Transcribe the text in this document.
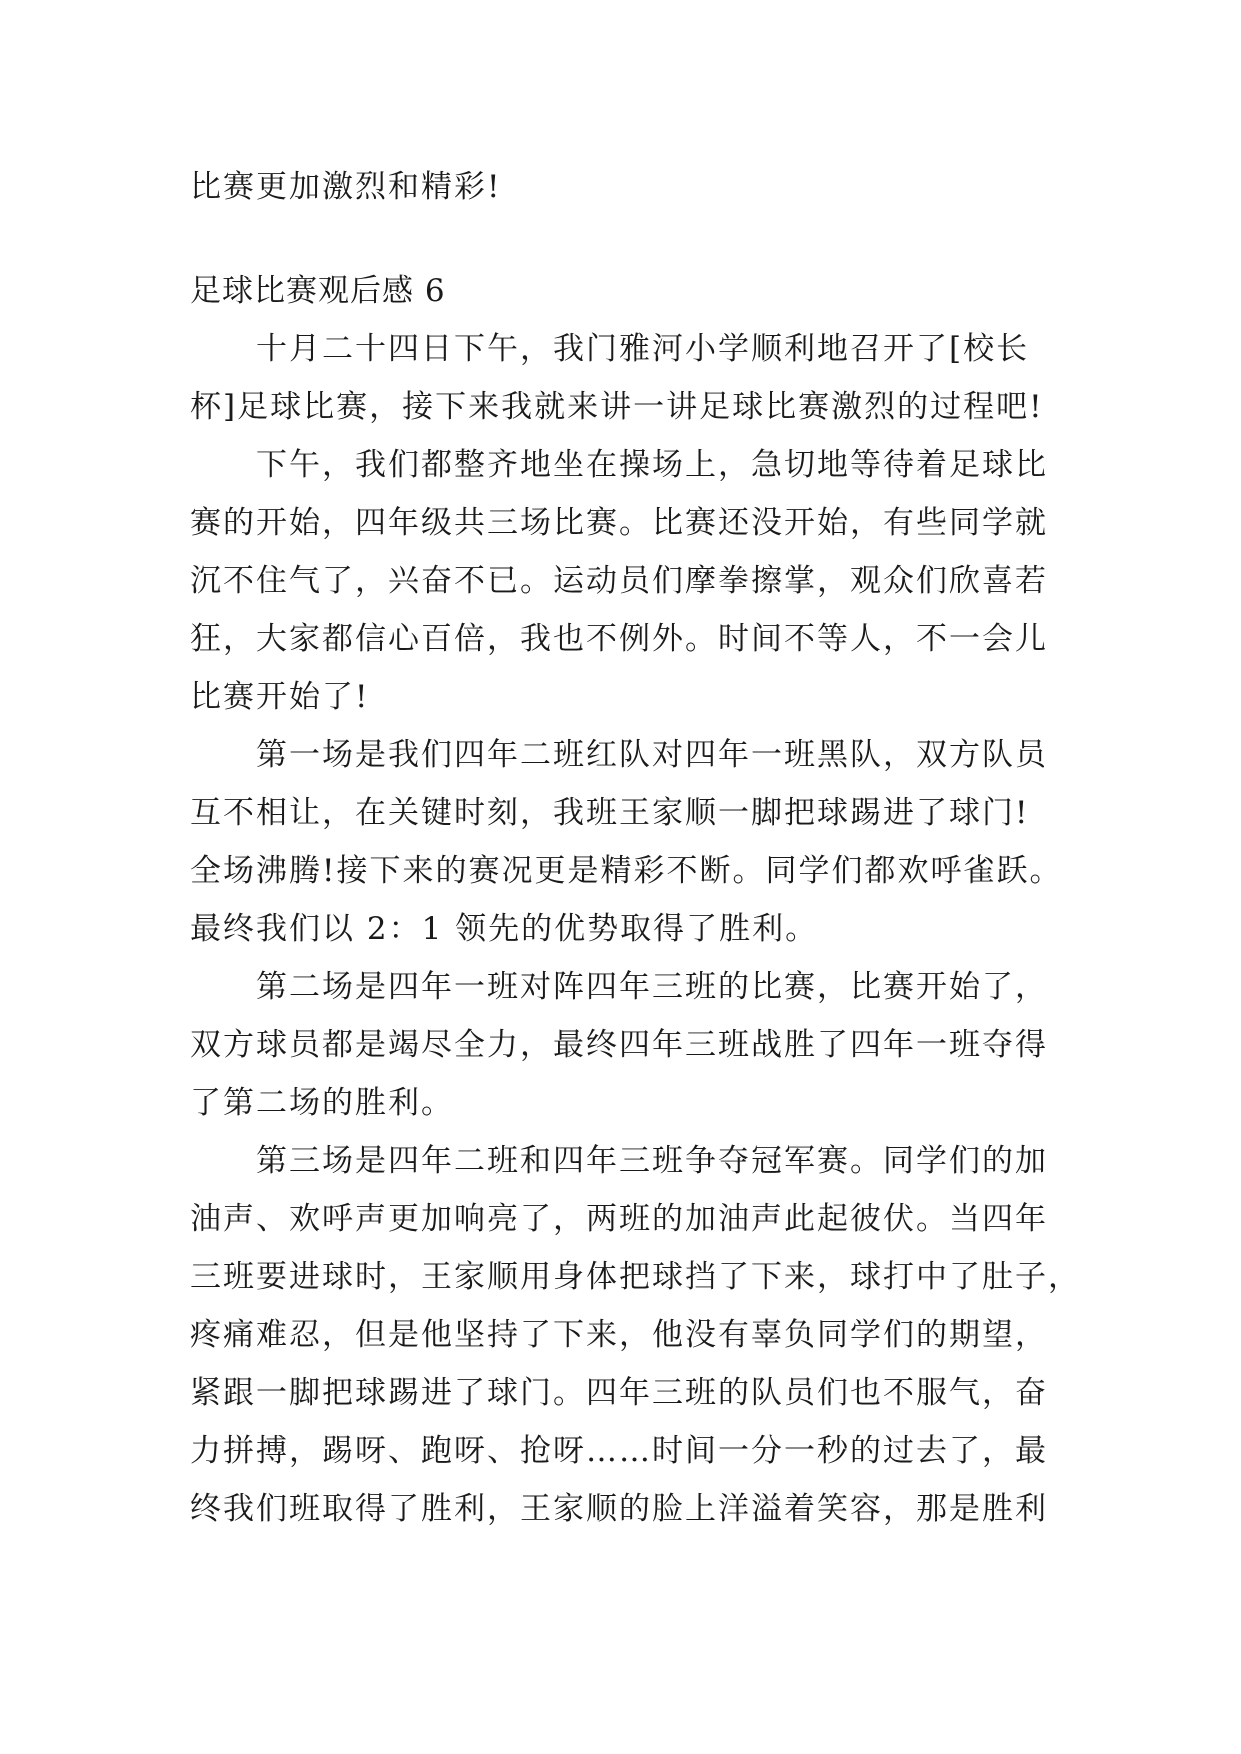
比赛更加激烈和精彩!
足球比赛观后感 6
十月二十四日下午，我门雅河小学顺利地召开了[校长
杯]足球比赛，接下来我就来讲一讲足球比赛激烈的过程吧!
下午，我们都整齐地坐在操场上，急切地等待着足球比
赛的开始，四年级共三场比赛。比赛还没开始，有些同学就
沉不住气了，兴奋不已。运动员们摩拳擦掌，观众们欣喜若
狂，大家都信心百倍，我也不例外。时间不等人，不一会儿
比赛开始了!
第一场是我们四年二班红队对四年一班黑队，双方队员
互不相让，在关键时刻，我班王家顺一脚把球踢进了球门!
全场沸腾!接下来的赛况更是精彩不断。同学们都欢呼雀跃。
最终我们以 2：1 领先的优势取得了胜利。
第二场是四年一班对阵四年三班的比赛，比赛开始了，
双方球员都是竭尽全力，最终四年三班战胜了四年一班夺得
了第二场的胜利。
第三场是四年二班和四年三班争夺冠军赛。同学们的加
油声、欢呼声更加响亮了，两班的加油声此起彼伏。当四年
三班要进球时，王家顺用身体把球挡了下来，球打中了肚子，
疼痛难忍，但是他坚持了下来，他没有辜负同学们的期望，
紧跟一脚把球踢进了球门。四年三班的队员们也不服气，奋
力拼搏，踢呀、跑呀、抢呀……时间一分一秒的过去了，最
终我们班取得了胜利，王家顺的脸上洋溢着笑容，那是胜利
